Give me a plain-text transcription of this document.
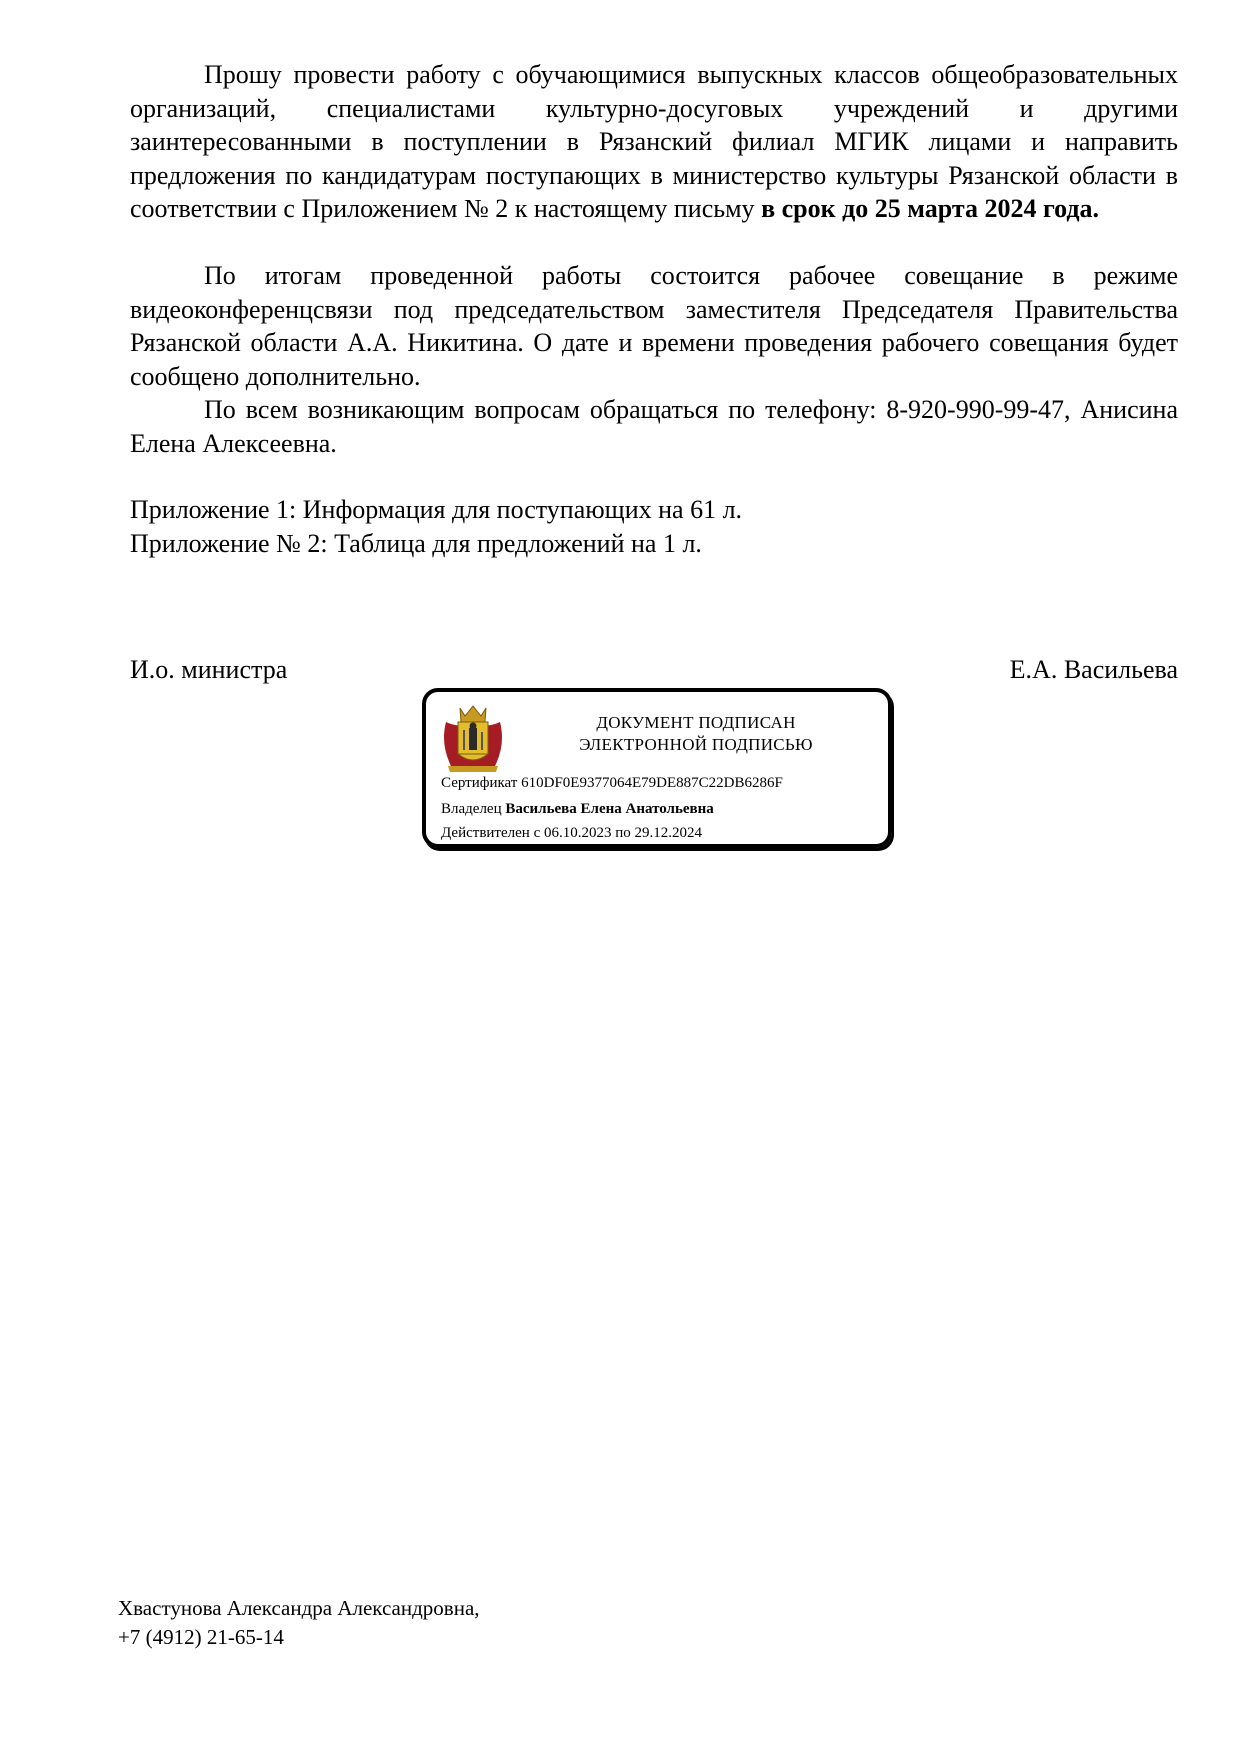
Прошу провести работу с обучающимися выпускных классов общеобразовательных организаций, специалистами культурно-досуговых учреждений и другими заинтересованными в поступлении в Рязанский филиал МГИК лицами и направить предложения по кандидатурам поступающих в министерство культуры Рязанской области в соответствии с Приложением № 2 к настоящему письму в срок до 25 марта 2024 года.

По итогам проведенной работы состоится рабочее совещание в режиме видеоконференцсвязи под председательством заместителя Председателя Правительства Рязанской области А.А. Никитина. О дате и времени проведения рабочего совещания будет сообщено дополнительно.

По всем возникающим вопросам обращаться по телефону: 8-920-990-99-47, Анисина Елена Алексеевна.

Приложение 1: Информация для поступающих на 61 л.

Приложение № 2: Таблица для предложений на 1 л.

И.о. министра	Е.А. Васильева
ДОКУМЕНТ ПОДПИСАН
ЭЛЕКТРОННОЙ ПОДПИСЬЮ
Сертификат 610DF0E9377064E79DE887C22DB6286F
Владелец Васильева Елена Анатольевна
Действителен с 06.10.2023 по 29.12.2024
Хвастунова Александра Александровна,
+7 (4912) 21-65-14
